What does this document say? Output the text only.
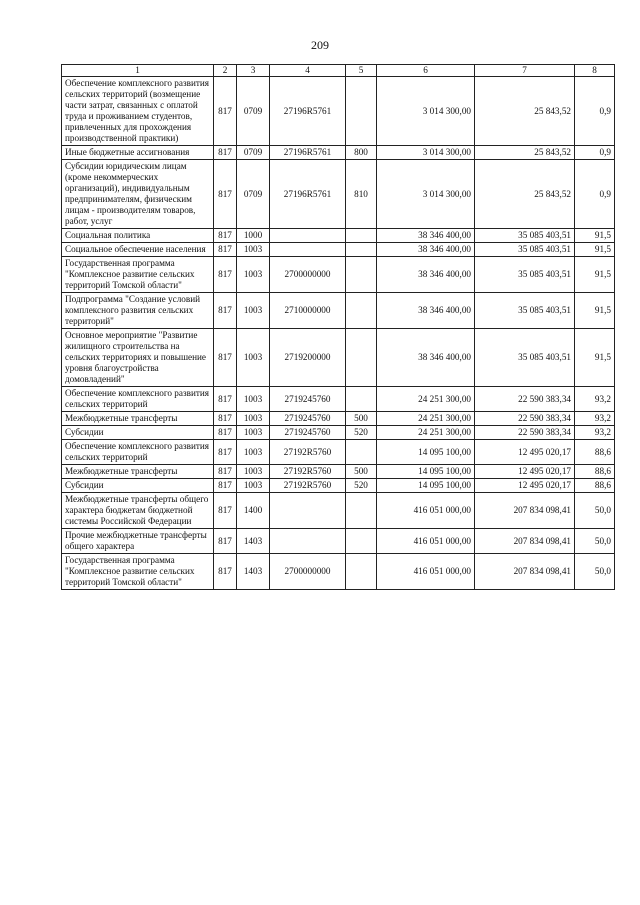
209
1	2	3	4	5	6	7	8
Обеспечение комплексного развития сельских территорий (возмещение части затрат, связанных с оплатой труда и проживанием студентов, привлеченных для прохождения производственной практики)	817	0709	27196R5761		3 014 300,00	25 843,52	0,9
Иные бюджетные ассигнования	817	0709	27196R5761	800	3 014 300,00	25 843,52	0,9
Субсидии юридическим лицам (кроме некоммерческих организаций), индивидуальным предпринимателям, физическим лицам - производителям товаров, работ, услуг	817	0709	27196R5761	810	3 014 300,00	25 843,52	0,9
Социальная политика	817	1000			38 346 400,00	35 085 403,51	91,5
Социальное обеспечение населения	817	1003			38 346 400,00	35 085 403,51	91,5
Государственная программа "Комплексное развитие сельских территорий Томской области"	817	1003	2700000000		38 346 400,00	35 085 403,51	91,5
Подпрограмма "Создание условий комплексного развития сельских территорий"	817	1003	2710000000		38 346 400,00	35 085 403,51	91,5
Основное мероприятие "Развитие жилищного строительства на сельских территориях и повышение уровня благоустройства домовладений"	817	1003	2719200000		38 346 400,00	35 085 403,51	91,5
Обеспечение комплексного развития сельских территорий	817	1003	2719245760		24 251 300,00	22 590 383,34	93,2
Межбюджетные трансферты	817	1003	2719245760	500	24 251 300,00	22 590 383,34	93,2
Субсидии	817	1003	2719245760	520	24 251 300,00	22 590 383,34	93,2
Обеспечение комплексного развития сельских территорий	817	1003	27192R5760		14 095 100,00	12 495 020,17	88,6
Межбюджетные трансферты	817	1003	27192R5760	500	14 095 100,00	12 495 020,17	88,6
Субсидии	817	1003	27192R5760	520	14 095 100,00	12 495 020,17	88,6
Межбюджетные трансферты общего характера бюджетам бюджетной системы Российской Федерации	817	1400			416 051 000,00	207 834 098,41	50,0
Прочие межбюджетные трансферты общего характера	817	1403			416 051 000,00	207 834 098,41	50,0
Государственная программа "Комплексное развитие сельских территорий Томской области"	817	1403	2700000000		416 051 000,00	207 834 098,41	50,0
